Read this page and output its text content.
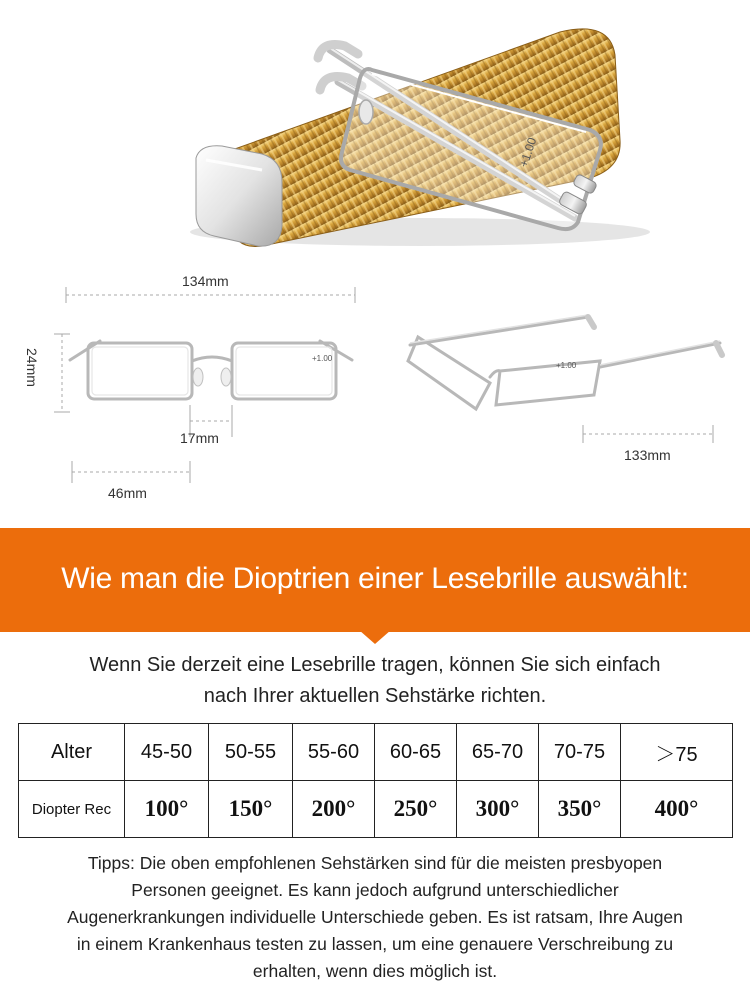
+1.00
+1.00
+1.00
134mm
24mm
17mm
46mm
133mm
Wie man die Dioptrien einer Lesebrille auswählt:
Wenn Sie derzeit eine Lesebrille tragen, können Sie sich einfach
nach Ihrer aktuellen Sehstärke richten.
Alter	45-50	50-55	55-60	60-65	65-70	70-75	＞75
Diopter Rec	100°	150°	200°	250°	300°	350°	400°
Tipps: Die oben empfohlenen Sehstärken sind für die meisten presbyopen
Personen geeignet. Es kann jedoch aufgrund unterschiedlicher
Augenerkrankungen individuelle Unterschiede geben. Es ist ratsam, Ihre Augen
in einem Krankenhaus testen zu lassen, um eine genauere Verschreibung zu
erhalten, wenn dies möglich ist.
